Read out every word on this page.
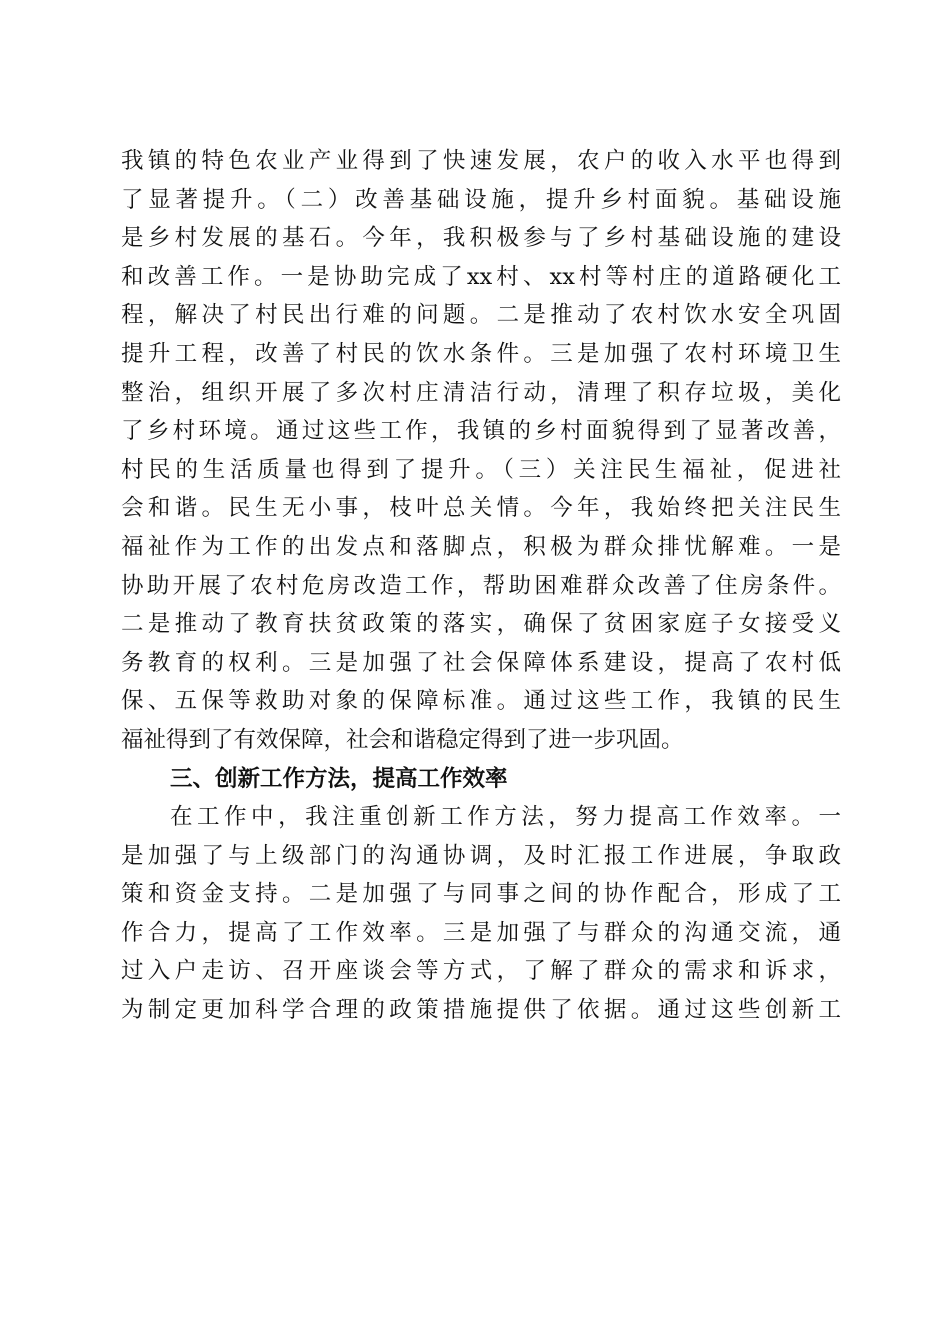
我镇的特色农业产业得到了快速发展，农户的收入水平也得到
了显著提升。（二）改善基础设施，提升乡村面貌。基础设施
是乡村发展的基石。今年，我积极参与了乡村基础设施的建设
和改善工作。一是协助完成了xx村、xx村等村庄的道路硬化工
程，解决了村民出行难的问题。二是推动了农村饮水安全巩固
提升工程，改善了村民的饮水条件。三是加强了农村环境卫生
整治，组织开展了多次村庄清洁行动，清理了积存垃圾，美化
了乡村环境。通过这些工作，我镇的乡村面貌得到了显著改善，
村民的生活质量也得到了提升。（三）关注民生福祉，促进社
会和谐。民生无小事，枝叶总关情。今年，我始终把关注民生
福祉作为工作的出发点和落脚点，积极为群众排忧解难。一是
协助开展了农村危房改造工作，帮助困难群众改善了住房条件。
二是推动了教育扶贫政策的落实，确保了贫困家庭子女接受义
务教育的权利。三是加强了社会保障体系建设，提高了农村低
保、五保等救助对象的保障标准。通过这些工作，我镇的民生
福祉得到了有效保障，社会和谐稳定得到了进一步巩固。
三、创新工作方法，提高工作效率
在工作中，我注重创新工作方法，努力提高工作效率。一
是加强了与上级部门的沟通协调，及时汇报工作进展，争取政
策和资金支持。二是加强了与同事之间的协作配合，形成了工
作合力，提高了工作效率。三是加强了与群众的沟通交流，通
过入户走访、召开座谈会等方式，了解了群众的需求和诉求，
为制定更加科学合理的政策措施提供了依据。通过这些创新工
